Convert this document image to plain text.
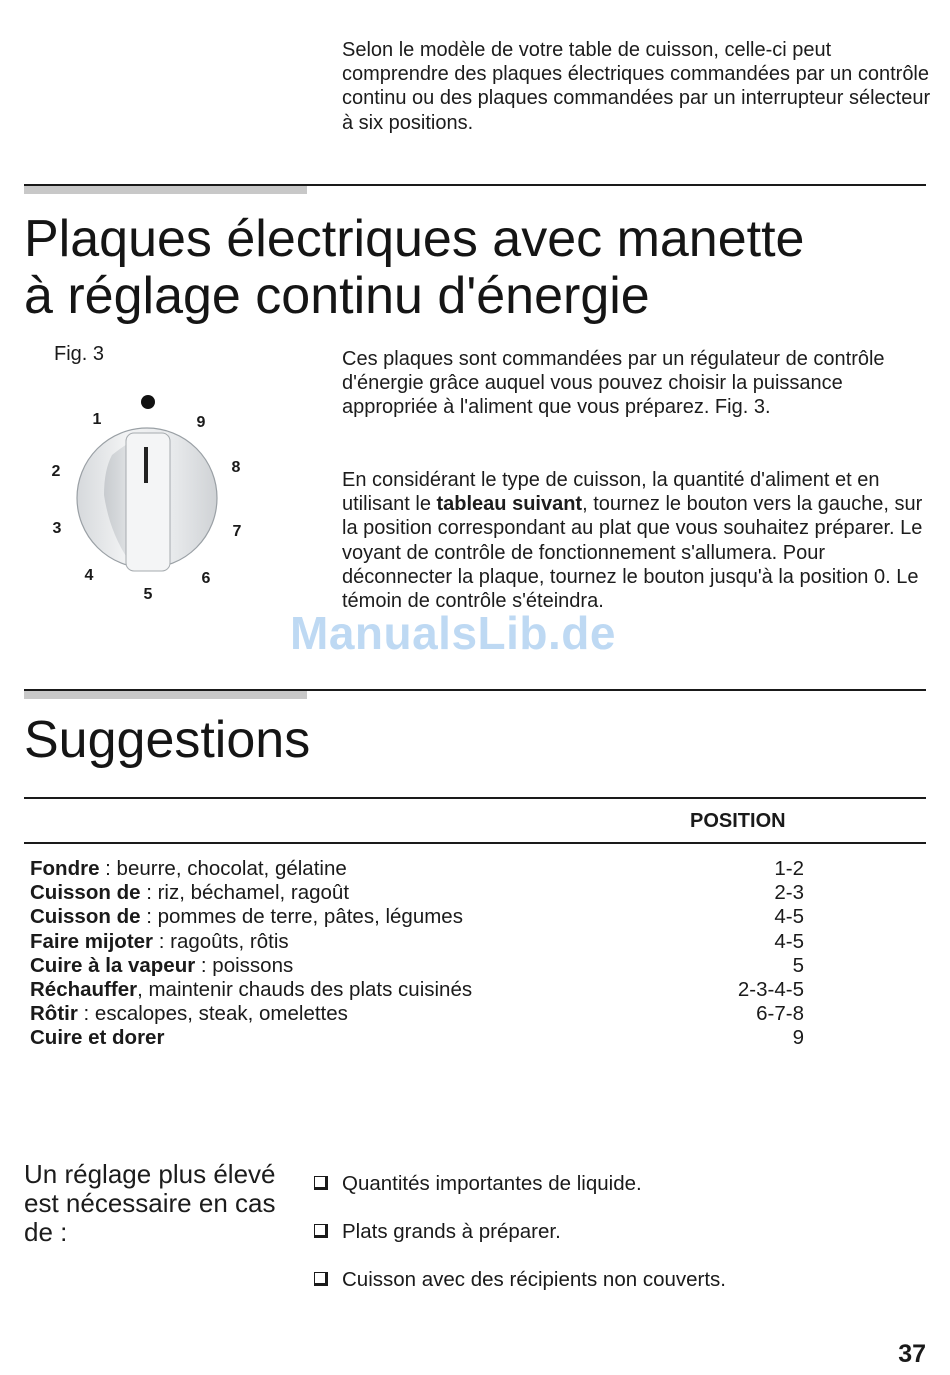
Selon le modèle de votre table de cuisson, celle-ci peut comprendre des plaques électriques commandées par un contrôle continu ou des plaques commandées par un interrupteur sélecteur à six positions.

Plaques électriques avec manette
à réglage continu d'énergie
Fig. 3
1
2
3
4
5
6
7
8
9

Ces plaques sont commandées par un régulateur de contrôle d'énergie grâce auquel vous pouvez choisir la puissance appropriée à l'aliment que vous préparez. Fig. 3.

En considérant le type de cuisson, la quantité d'aliment et en utilisant le tableau suivant, tournez le bouton vers la gauche, sur la position correspondant au plat que vous souhaitez préparer. Le voyant de contrôle de fonctionnement s'allumera. Pour déconnecter la plaque, tournez le bouton jusqu'à la position 0. Le témoin de contrôle s'éteindra.

ManualsLib.de
Suggestions
POSITION
Fondre : beurre, chocolat, gélatine	1-2
Cuisson de : riz, béchamel, ragoût	2-3
Cuisson de : pommes de terre, pâtes, légumes	4-5
Faire mijoter : ragoûts, rôtis	4-5
Cuire à la vapeur : poissons	5
Réchauffer, maintenir chauds des plats cuisinés	2-3-4-5
Rôtir : escalopes, steak, omelettes	6-7-8
Cuire et dorer	9
Un réglage plus élevé est nécessaire en cas de :
Quantités importantes de liquide.
Plats grands à préparer.
Cuisson avec des récipients non couverts.
37
